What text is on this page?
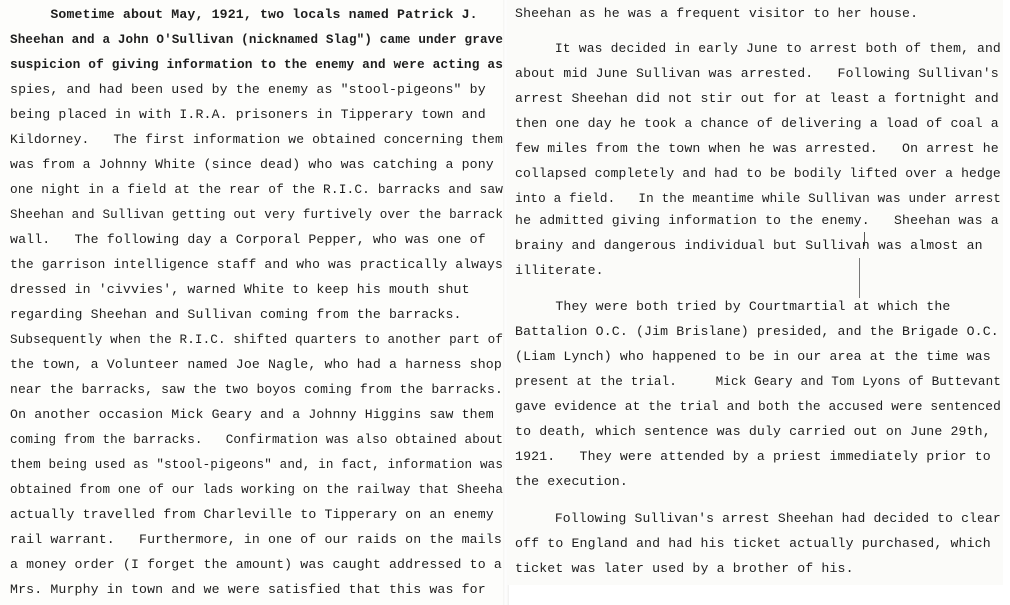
Sometime about May, 1921, two locals named Patrick J.
Sheehan and a John O'Sullivan (nicknamed Slag") came under grave
suspicion of giving information to the enemy and were acting as
spies, and had been used by the enemy as "stool-pigeons" by
being placed in with I.R.A. prisoners in Tipperary town and
Kildorney.   The first information we obtained concerning them
was from a Johnny White (since dead) who was catching a pony
one night in a field at the rear of the R.I.C. barracks and saw
Sheehan and Sullivan getting out very furtively over the barrack
wall.   The following day a Corporal Pepper, who was one of
the garrison intelligence staff and who was practically always
dressed in 'civvies', warned White to keep his mouth shut
regarding Sheehan and Sullivan coming from the barracks.
Subsequently when the R.I.C. shifted quarters to another part of
the town, a Volunteer named Joe Nagle, who had a harness shop
near the barracks, saw the two boyos coming from the barracks.
On another occasion Mick Geary and a Johnny Higgins saw them
coming from the barracks.   Confirmation was also obtained about
them being used as "stool-pigeons" and, in fact, information was
obtained from one of our lads working on the railway that Sheeha
actually travelled from Charleville to Tipperary on an enemy
rail warrant.   Furthermore, in one of our raids on the mails
a money order (I forget the amount) was caught addressed to a
Mrs. Murphy in town and we were satisfied that this was for
Sheehan as he was a frequent visitor to her house.
It was decided in early June to arrest both of them, and
about mid June Sullivan was arrested.   Following Sullivan's
arrest Sheehan did not stir out for at least a fortnight and
then one day he took a chance of delivering a load of coal a
few miles from the town when he was arrested.   On arrest he
collapsed completely and had to be bodily lifted over a hedge
into a field.   In the meantime while Sullivan was under arrest
he admitted giving information to the enemy.   Sheehan was a
brainy and dangerous individual but Sullivan was almost an
illiterate.
They were both tried by Courtmartial at which the
Battalion O.C. (Jim Brislane) presided, and the Brigade O.C.
(Liam Lynch) who happened to be in our area at the time was
present at the trial.     Mick Geary and Tom Lyons of Buttevant
gave evidence at the trial and both the accused were sentenced
to death, which sentence was duly carried out on June 29th,
1921.   They were attended by a priest immediately prior to
the execution.
Following Sullivan's arrest Sheehan had decided to clear
off to England and had his ticket actually purchased, which
ticket was later used by a brother of his.
